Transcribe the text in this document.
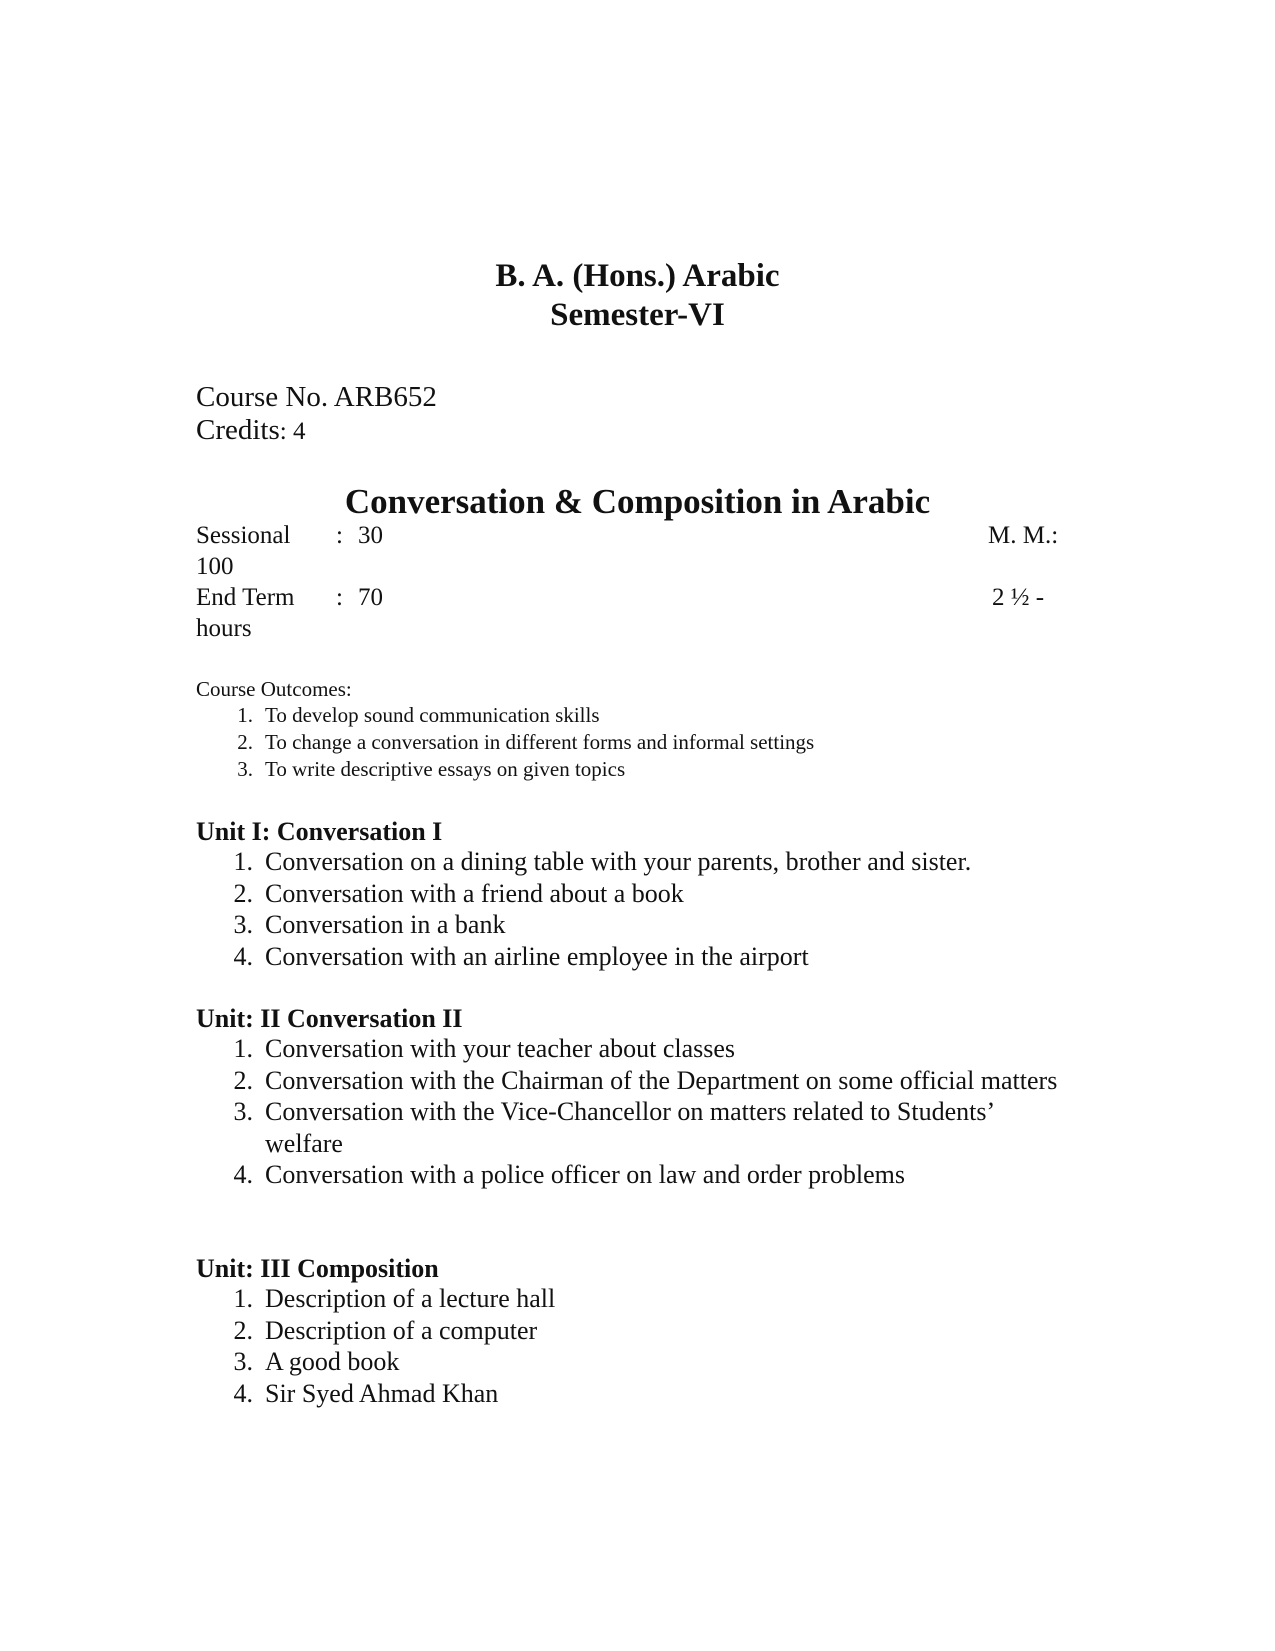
B. A. (Hons.) Arabic
Semester-VI
Course No. ARB652
Credits: 4
Conversation & Composition in Arabic
Sessional : 30	M. M.:
100
End Term : 70	2 ½ -
hours
Course Outcomes:
1. To develop sound communication skills
2. To change a conversation in different forms and informal settings
3. To write descriptive essays on given topics
Unit I: Conversation I
1. Conversation on a dining table with your parents, brother and sister.
2. Conversation with a friend about a book
3. Conversation in a bank
4. Conversation with an airline employee in the airport
Unit: II Conversation II
1. Conversation with your teacher about classes
2. Conversation with the Chairman of the Department on some official matters
3. Conversation with the Vice-Chancellor on matters related to Students’ welfare
4. Conversation with a police officer on law and order problems
Unit: III Composition
1. Description of a lecture hall
2. Description of a computer
3. A good book
4. Sir Syed Ahmad Khan
